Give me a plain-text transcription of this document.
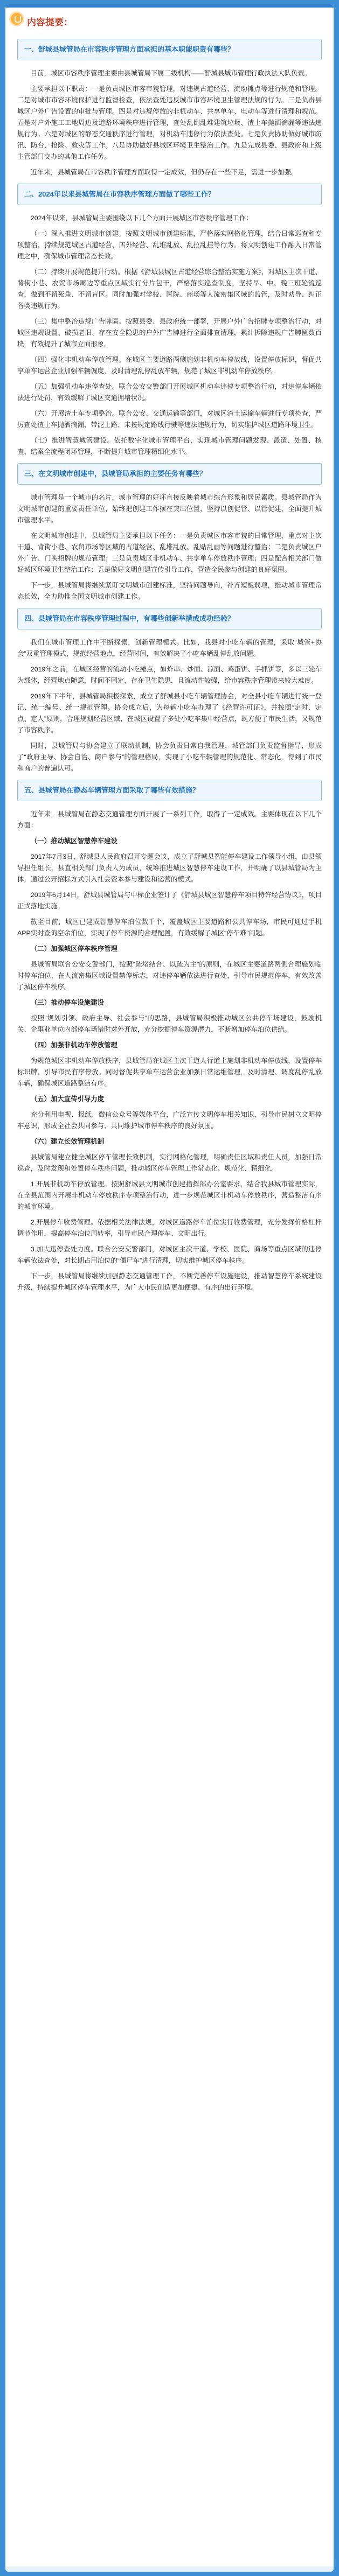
内容提要：
一、舒城县城管局在市容秩序管理方面承担的基本职能职责有哪些？

目前，城区市容秩序管理主要由县城管局下属二级机构——舒城县城市管理行政执法大队负责。

主要承担以下职责：一是负责城区市容市貌管理，对违规占道经营、流动摊点等进行规范和管理。二是对城市市容环境保护进行监督检查，依法查处违反城市市容环境卫生管理法规的行为。三是负责县城区户外广告设置的审批与管理。四是对违规停放的非机动车、共享单车、电动车等进行清理和规范。五是对户外施工工地周边及道路环境秩序进行管理，查处乱倒乱堆建筑垃圾、渣土车抛洒滴漏等违法违规行为。六是对城区的静态交通秩序进行管理，对机动车违停行为依法查处。七是负责协助做好城市防汛、防台、抢险、救灾等工作。八是协助做好县城区环境卫生整治工作。九是完成县委、县政府和上级主管部门交办的其他工作任务。

近年来，县城管局在市容秩序管理方面取得一定成效，但仍存在一些不足，需进一步加强。

二、2024年以来县城管局在市容秩序管理方面做了哪些工作？

2024年以来，县城管局主要围绕以下几个方面开展城区市容秩序管理工作：

（一）深入推进文明城市创建。按照文明城市创建标准，严格落实网格化管理，结合日常巡查和专项整治，持续规范城区占道经营、店外经营、乱堆乱放、乱拉乱挂等行为。将文明创建工作融入日常管理之中，确保城市管理常态长效。

（二）持续开展规范提升行动。根据《舒城县城区占道经营综合整治实施方案》，对城区主次干道、背街小巷、农贸市场周边等重点区域实行分片包干，严格落实巡查制度，坚持早、中、晚三班轮流巡查，做到不留死角、不留盲区。同时加强对学校、医院、商场等人流密集区域的监管，及时劝导、纠正各类违规行为。

（三）集中整治违规广告牌匾。按照县委、县政府统一部署，开展户外广告招牌专项整治行动，对城区违规设置、破损老旧、存在安全隐患的户外广告牌进行全面排查清理，累计拆除违规广告牌匾数百块，有效提升了城市立面形象。

（四）强化非机动车停放管理。在城区主要道路两侧施划非机动车停放线，设置停放标识，督促共享单车运营企业加强车辆调度，及时清理乱停乱放车辆，规范了城区非机动车停放秩序。

（五）加强机动车违停查处。联合公安交警部门开展城区机动车违停专项整治行动，对违停车辆依法进行处罚，有效缓解了城区交通拥堵状况。

（六）开展渣土车专项整治。联合公安、交通运输等部门，对城区渣土运输车辆进行专项检查，严厉查处渣土车抛洒滴漏、带泥上路、未按规定路线行驶等违法违规行为，切实维护城区道路环境卫生。

（七）推进智慧城管建设。依托数字化城市管理平台，实现城市管理问题发现、派遣、处置、核查、结案全流程闭环管理，不断提升城市管理精细化水平。

三、在文明城市创建中，县城管局承担的主要任务有哪些？

城市管理是一个城市的名片，城市管理的好坏直接反映着城市综合形象和居民素质。县城管局作为文明城市创建的重要责任单位，始终把创建工作摆在突出位置，坚持以创促管、以管促建，全面提升城市管理水平。

在文明城市创建中，县城管局主要承担以下任务：一是负责城区市容市貌的日常管理，重点对主次干道、背街小巷、农贸市场等区域的占道经营、乱堆乱放、乱贴乱画等问题进行整治；二是负责城区户外广告、门头招牌的规范管理；三是负责城区非机动车、共享单车停放秩序管理；四是配合相关部门做好城区环境卫生整治工作；五是做好文明创建宣传引导工作，营造全民参与创建的良好氛围。

下一步，县城管局将继续紧盯文明城市创建标准，坚持问题导向，补齐短板弱项，推动城市管理常态长效，全力助推全国文明城市创建工作。

四、县城管局在市容秩序管理过程中，有哪些创新举措或成功经验？

我们在城市管理工作中不断探索，创新管理模式。比如，我县对小吃车辆的管理，采取“城管+协会”双重管理模式，规范经营地点，经营时间，有效解决了小吃车辆乱停乱放问题。

2019年之前，在城区经营的流动小吃摊点，如炸串、炒面、凉面、鸡蛋饼、手抓饼等，多以三轮车为载体，经营地点随意，时间不固定，存在卫生隐患，且流动性较强，给市容秩序管理带来较大难度。

2019年下半年，县城管局积极探索，成立了舒城县小吃车辆管理协会，对全县小吃车辆进行统一登记、统一编号、统一规范管理。协会成立后，为每辆小吃车办理了《经营许可证》，并按照“定时、定点、定人”原则，合理规划经营区域，在城区设置了多处小吃车集中经营点，既方便了市民生活，又规范了市容秩序。

同时，县城管局与协会建立了联动机制，协会负责日常自我管理，城管部门负责监督指导，形成了“政府主导、协会自治、商户参与”的管理格局，实现了小吃车辆管理的规范化、常态化，得到了市民和商户的普遍认可。

五、县城管局在静态车辆管理方面采取了哪些有效措施？

近年来，县城管局在静态交通管理方面开展了一系列工作，取得了一定成效。主要体现在以下几个方面：

（一）推动城区智慧停车建设

2017年7月3日，舒城县人民政府召开专题会议，成立了舒城县智能停车建设工作领导小组，由县领导担任组长，县直相关部门负责人为成员，统筹推进城区智慧停车建设工作，并明确了以县城管局为主体，通过公开招标方式引入社会资本参与建设和运营的模式。

2019年6月14日，舒城县城管局与中标企业签订了《舒城县城区智慧停车项目特许经营协议》，项目正式落地实施。

截至目前，城区已建成智慧停车泊位数千个，覆盖城区主要道路和公共停车场，市民可通过手机APP实时查询空余泊位，实现了停车资源的合理配置，有效缓解了城区“停车难”问题。

（二）加强城区停车秩序管理

县城管局联合公安交警部门，按照“疏堵结合、以疏为主”的原则，在城区主要道路两侧合理施划临时停车泊位，在人流密集区域设置禁停标志，对违停车辆依法进行查处，引导市民规范停车，有效改善了城区停车秩序。

（三）推动停车设施建设

按照“规划引领、政府主导、社会参与”的思路，县城管局积极推动城区公共停车场建设，鼓励机关、企事业单位内部停车场错时对外开放，充分挖掘停车资源潜力，不断增加停车泊位供给。

（四）加强非机动车停放管理

为规范城区非机动车停放秩序，县城管局在城区主次干道人行道上施划非机动车停放线，设置停车标识牌，引导市民有序停放。同时督促共享单车运营企业加强日常运维管理，及时清理、调度乱停乱放车辆，确保城区道路整洁有序。

（五）加大宣传引导力度

充分利用电视、报纸、微信公众号等媒体平台，广泛宣传文明停车相关知识，引导市民树立文明停车意识，形成全社会共同参与、共同维护城市停车秩序的良好氛围。

（六）建立长效管理机制

县城管局建立健全城区停车管理长效机制，实行网格化管理，明确责任区域和责任人员，加强日常巡查，及时发现和处置停车秩序问题，推动城区停车管理工作常态化、规范化、精细化。

1.开展非机动车停放管理。按照舒城县文明城市创建指挥部办公室要求，结合我县城市管理实际，在全县范围内开展非机动车停放秩序专项整治行动，进一步规范城区非机动车停放秩序，营造整洁有序的城市环境。

2.开展停车收费管理。依据相关法律法规，对城区道路停车泊位实行收费管理，充分发挥价格杠杆调节作用，提高停车泊位周转率，引导市民合理停车、文明出行。

3.加大违停查处力度。联合公安交警部门，对城区主次干道、学校、医院、商场等重点区域的违停车辆依法查处，对长期占用泊位的“僵尸车”进行清理，切实维护城区停车秩序。

下一步，县城管局将继续加强静态交通管理工作，不断完善停车设施建设，推动智慧停车系统建设升级，持续提升城区停车管理水平，为广大市民创造更加便捷、有序的出行环境。
